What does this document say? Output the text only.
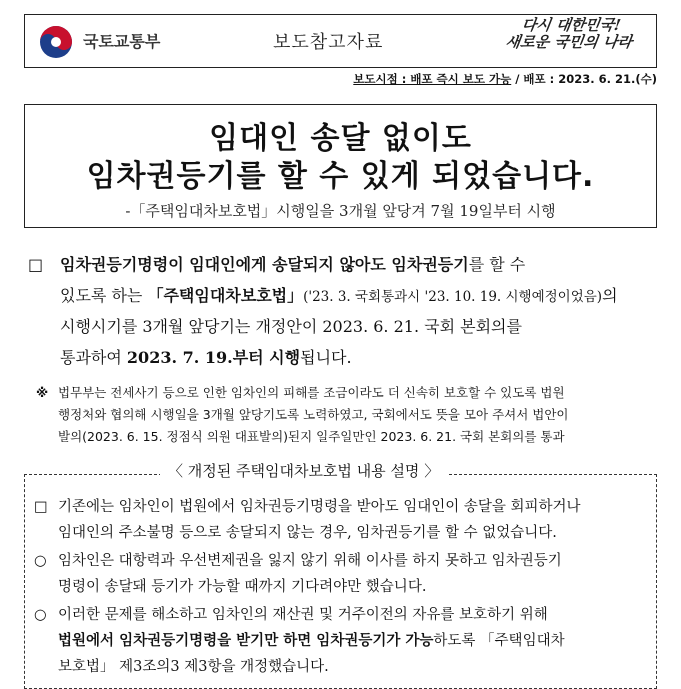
국토교통부	보도참고자료
다시 대한민국!
새로운 국민의 나라
보도시점 : 배포 즉시 보도 가능 / 배포 : 2023. 6. 21.(수)
임대인 송달 없이도
임차권등기를 할 수 있게 되었습니다.
-「주택임대차보호법」시행일을 3개월 앞당겨 7월 19일부터 시행
□ 임차권등기명령이 임대인에게 송달되지 않아도 임차권등기를 할 수
있도록 하는 「주택임대차보호법」('23. 3. 국회통과시 '23. 10. 19. 시행예정이었음)의
시행시기를 3개월 앞당기는 개정안이 2023. 6. 21. 국회 본회의를
통과하여 2023. 7. 19.부터 시행됩니다.
※ 법무부는 전세사기 등으로 인한 임차인의 피해를 조금이라도 더 신속히 보호할 수 있도록 법원
행정처와 협의해 시행일을 3개월 앞당기도록 노력하였고, 국회에서도 뜻을 모아 주셔서 법안이
발의(2023. 6. 15. 정점식 의원 대표발의)된지 일주일만인 2023. 6. 21. 국회 본회의를 통과
〈 개정된 주택임대차보호법 내용 설명 〉
□ 기존에는 임차인이 법원에서 임차권등기명령을 받아도 임대인이 송달을 회피하거나
임대인의 주소불명 등으로 송달되지 않는 경우, 임차권등기를 할 수 없었습니다.
○ 임차인은 대항력과 우선변제권을 잃지 않기 위해 이사를 하지 못하고 임차권등기
명령이 송달돼 등기가 가능할 때까지 기다려야만 했습니다.
○ 이러한 문제를 해소하고 임차인의 재산권 및 거주이전의 자유를 보호하기 위해
법원에서 임차권등기명령을 받기만 하면 임차권등기가 가능하도록 「주택임대차
보호법」 제3조의3 제3항을 개정했습니다.
